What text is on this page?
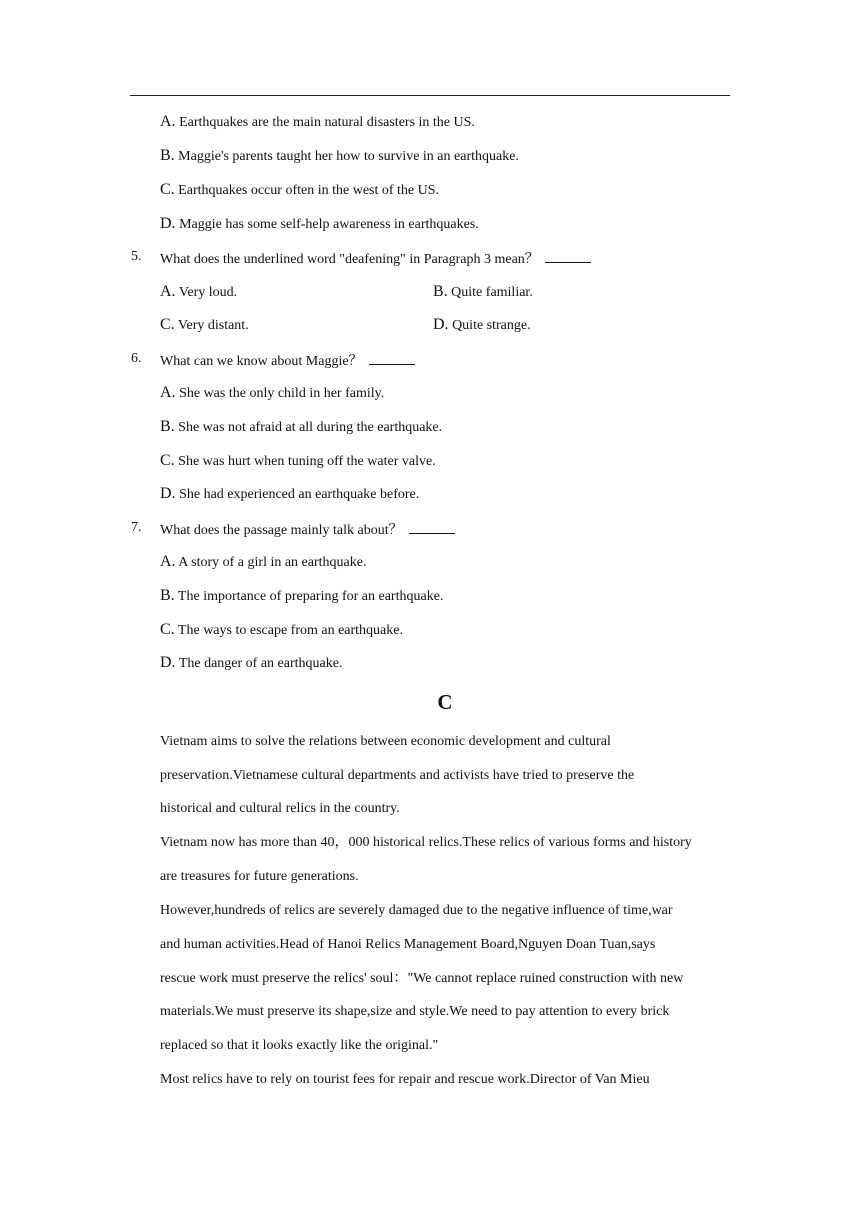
A. Earthquakes are the main natural disasters in the US.
B. Maggie's parents taught her how to survive in an earthquake.
C. Earthquakes occur often in the west of the US.
D. Maggie has some self-help awareness in earthquakes.
5. What does the underlined word "deafening" in Paragraph 3 mean？
A. Very loud.	B. Quite familiar.
C. Very distant.	D. Quite strange.
6. What can we know about Maggie？
A. She was the only child in her family.
B. She was not afraid at all during the earthquake.
C. She was hurt when tuning off the water valve.
D. She had experienced an earthquake before.
7. What does the passage mainly talk about？
A. A story of a girl in an earthquake.
B. The importance of preparing for an earthquake.
C. The ways to escape from an earthquake.
D. The danger of an earthquake.
C
Vietnam aims to solve the relations between economic development and cultural
preservation.Vietnamese cultural departments and activists have tried to preserve the
historical and cultural relics in the country.
Vietnam now has more than 40，000 historical relics.These relics of various forms and history
are treasures for future generations.
However,hundreds of relics are severely damaged due to the negative influence of time,war
and human activities.Head of Hanoi Relics Management Board,Nguyen Doan Tuan,says
rescue work must preserve the relics' soul："We cannot replace ruined construction with new
materials.We must preserve its shape,size and style.We need to pay attention to every brick
replaced so that it looks exactly like the original."
Most relics have to rely on tourist fees for repair and rescue work.Director of Van Mieu
